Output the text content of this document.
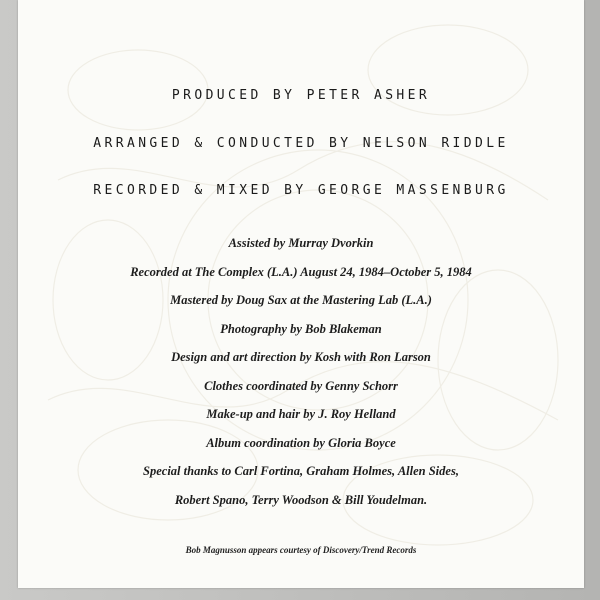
PRODUCED BY PETER ASHER
ARRANGED & CONDUCTED BY NELSON RIDDLE
RECORDED & MIXED BY GEORGE MASSENBURG
Assisted by Murray Dvorkin
Recorded at The Complex (L.A.) August 24, 1984–October 5, 1984
Mastered by Doug Sax at the Mastering Lab (L.A.)
Photography by Bob Blakeman
Design and art direction by Kosh with Ron Larson
Clothes coordinated by Genny Schorr
Make-up and hair by J. Roy Helland
Album coordination by Gloria Boyce
Special thanks to Carl Fortina, Graham Holmes, Allen Sides,
Robert Spano, Terry Woodson & Bill Youdelman.
Bob Magnusson appears courtesy of Discovery/Trend Records
